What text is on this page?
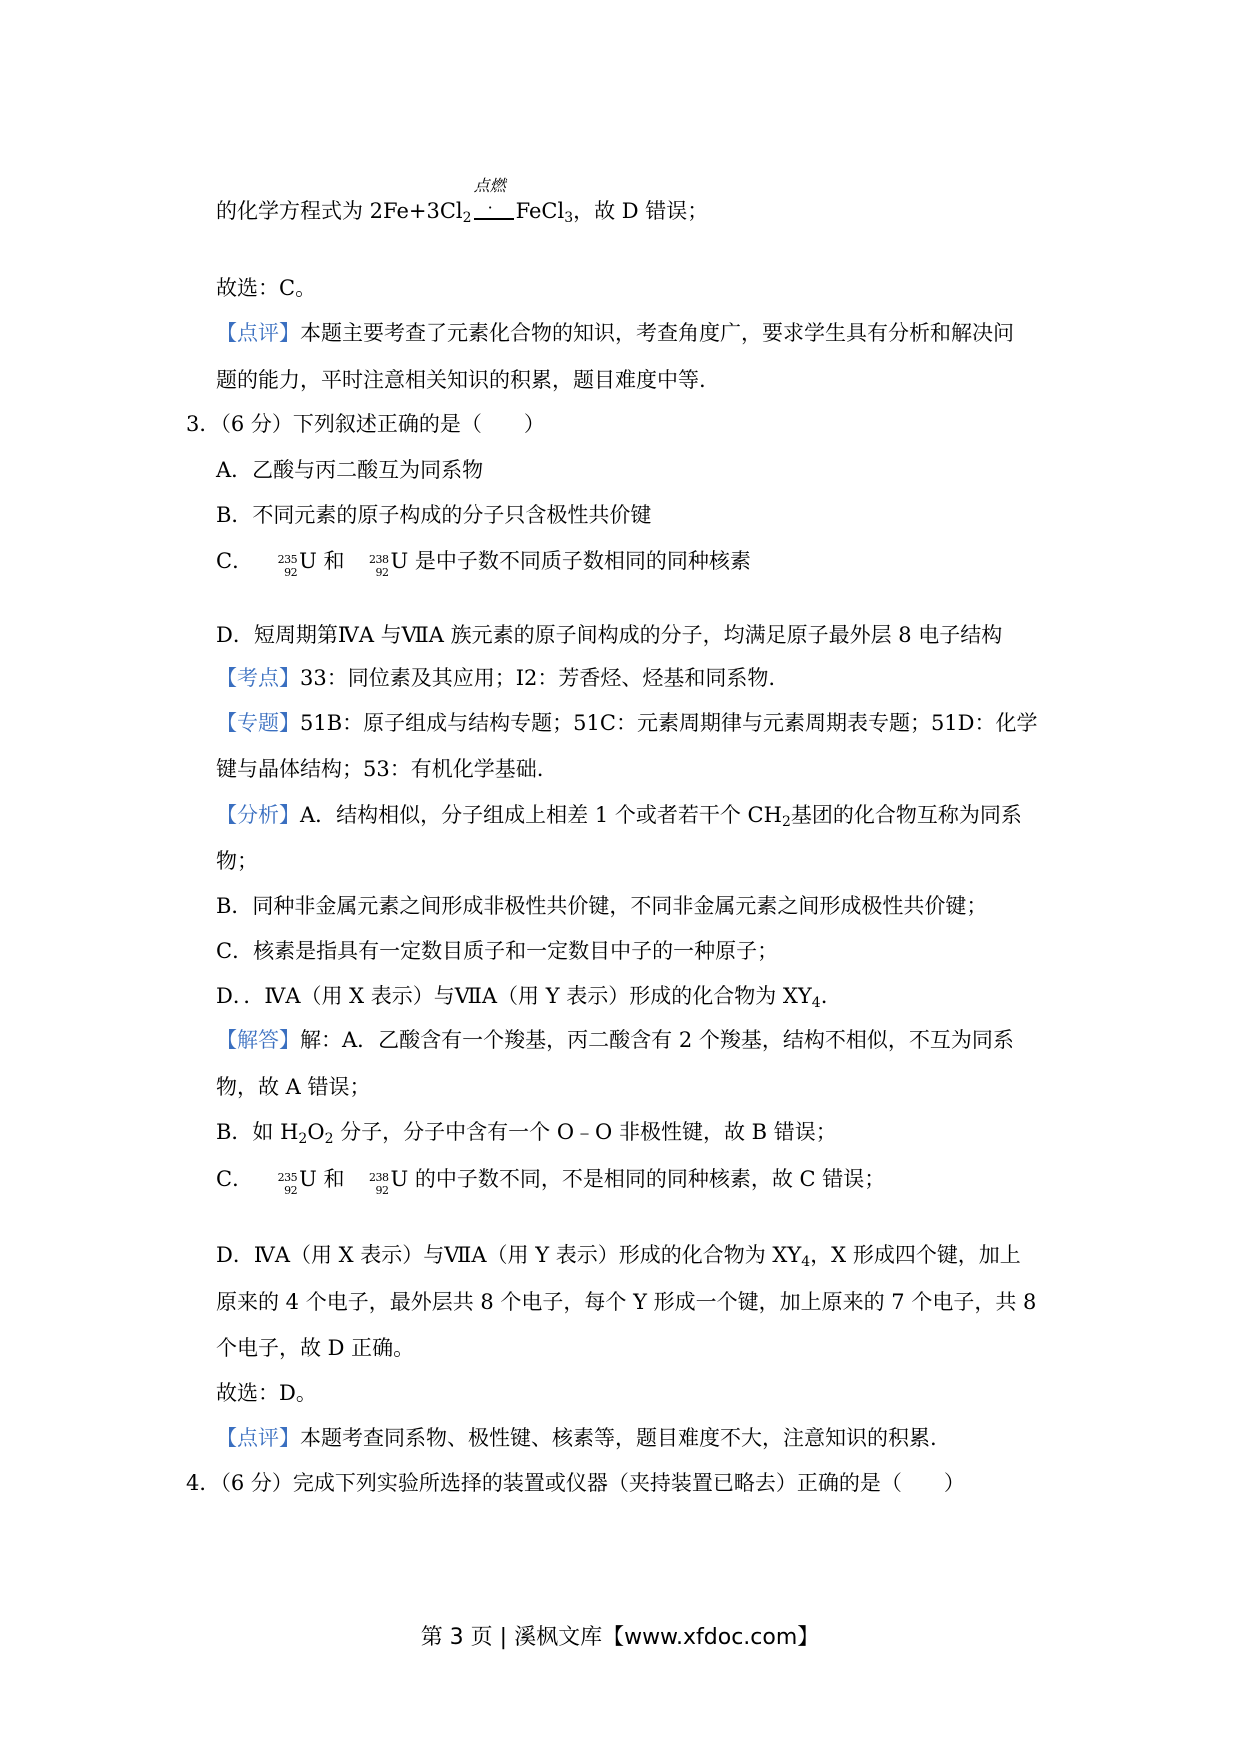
的化学方程式为 $2Fe+3Cl_2$
点燃
· FeCl$_3$，故 D 错误；
故选：C。
【点评】本题主要考查了元素化合物的知识，考查角度广，要求学生具有分析和解决问
题的能力，平时注意相关知识的积累，题目难度中等.
3．（6 分）下列叙述正确的是（　　）
A．乙酸与丙二酸互为同系物
B．不同元素的原子构成的分子只含极性共价键
C． 235
92 U 和 238
92 U 是中子数不同质子数相同的同种核素
D．短周期第ⅣA 与ⅦA 族元素的原子间构成的分子，均满足原子最外层 8 电子结构
【考点】33：同位素及其应用；I2：芳香烃、烃基和同系物.
【专题】51B：原子组成与结构专题；51C：元素周期律与元素周期表专题；51D：化学
键与晶体结构；53：有机化学基础.
【分析】A．结构相似，分子组成上相差 1 个或者若干个 $CH_2$基团的化合物互称为同系
物；
B．同种非金属元素之间形成非极性共价键，不同非金属元素之间形成极性共价键；
C．核素是指具有一定数目质子和一定数目中子的一种原子；
D．．ⅣA（用 X 表示）与ⅦA（用 Y 表示）形成的化合物为 $XY_4$.
【解答】解：A．乙酸含有一个羧基，丙二酸含有 2 个羧基，结构不相似，不互为同系
物，故 A 错误；
B．如 $H_2O_2$ 分子，分子中含有一个 O﹣O 非极性键，故 B 错误；
C． 235
92 U 和 238
92 U 的中子数不同，不是相同的同种核素，故 C 错误；
D．ⅣA（用 X 表示）与ⅦA（用 Y 表示）形成的化合物为 $XY_4$，X 形成四个键，加上
原来的 4 个电子，最外层共 8 个电子，每个 Y 形成一个键，加上原来的 7 个电子，共 8
个电子，故 D 正确。
故选：D。
【点评】本题考查同系物、极性键、核素等，题目难度不大，注意知识的积累.
4．（6 分）完成下列实验所选择的装置或仪器（夹持装置已略去）正确的是（　　）
第 3 页 | 溪枫文库【www.xfdoc.com】
